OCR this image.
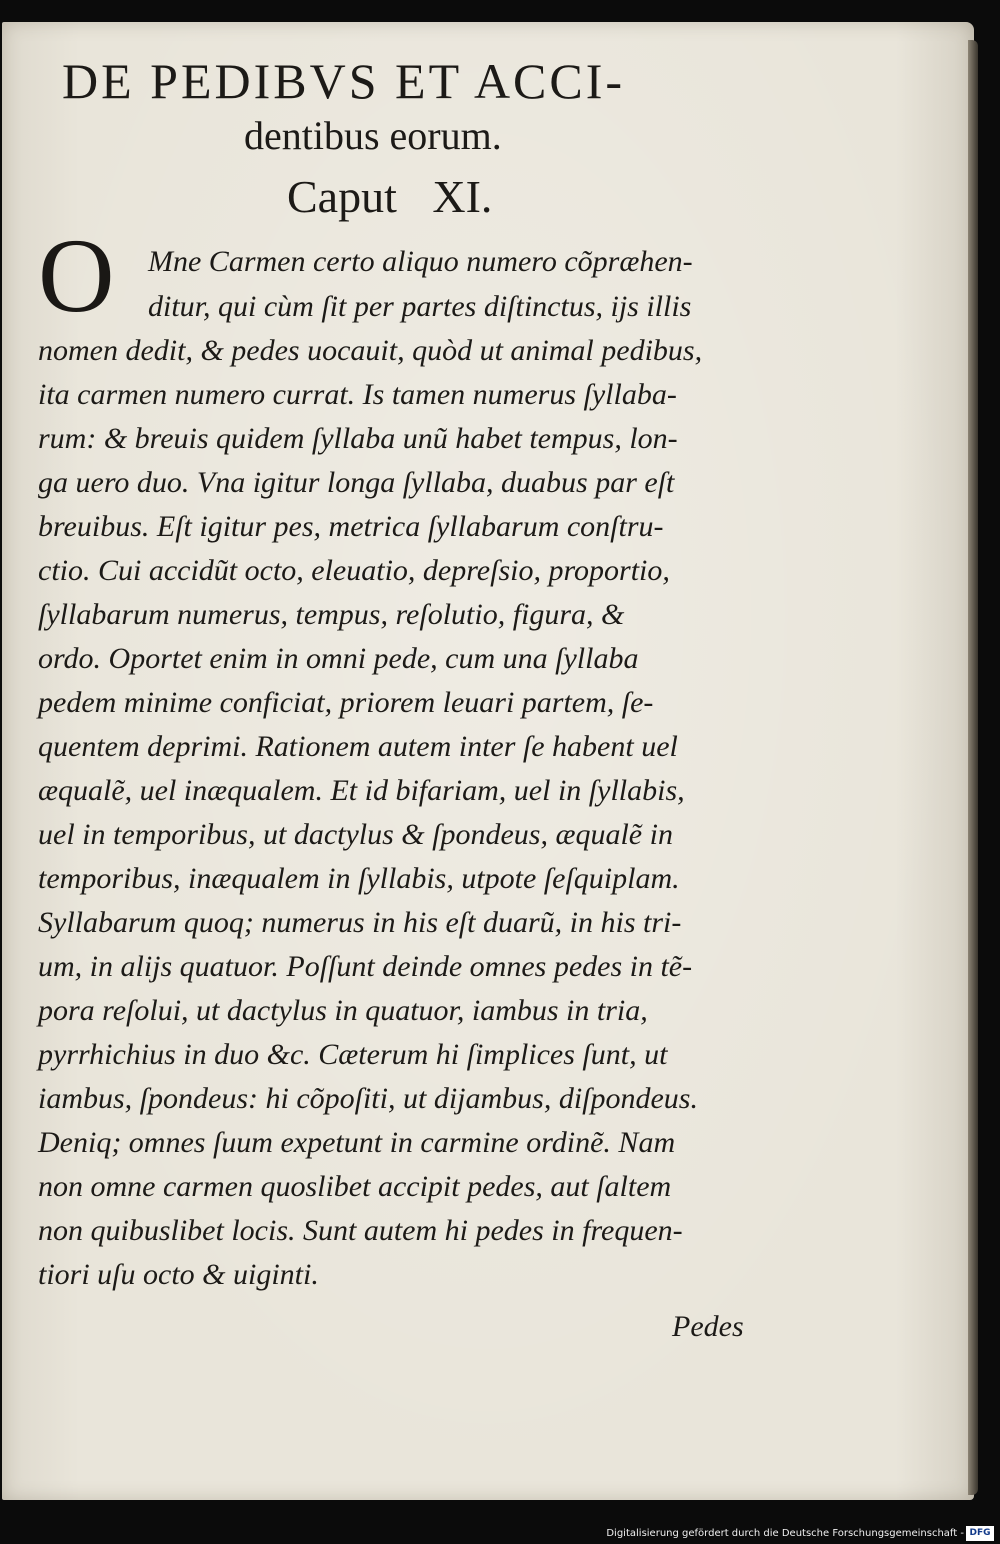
DE PEDIBVS ET ACCI-
dentibus eorum.
Caput XI.
O	Mne Carmen certo aliquo numero cõpræhen-
ditur, qui cùm ſit per partes diſtinctus, ijs illis
nomen dedit, & pedes uocauit, quòd ut animal pedibus,
ita carmen numero currat. Is tamen numerus ſyllaba-
rum: & breuis quidem ſyllaba unũ habet tempus, lon-
ga uero duo. Vna igitur longa ſyllaba, duabus par eſt
breuibus. Eſt igitur pes, metrica ſyllabarum conſtru-
ctio. Cui accidũt octo, eleuatio, depreſsio, proportio,
ſyllabarum numerus, tempus, reſolutio, figura, &
ordo. Oportet enim in omni pede, cum una ſyllaba
pedem minime conficiat, priorem leuari partem, ſe-
quentem deprimi. Rationem autem inter ſe habent uel
æqualẽ, uel inæqualem. Et id bifariam, uel in ſyllabis,
uel in temporibus, ut dactylus & ſpondeus, æqualẽ in
temporibus, inæqualem in ſyllabis, utpote ſeſquiplam.
Syllabarum quoq; numerus in his eſt duarũ, in his tri-
um, in alijs quatuor. Poſſunt deinde omnes pedes in tẽ-
pora reſolui, ut dactylus in quatuor, iambus in tria,
pyrrhichius in duo &c. Cæterum hi ſimplices ſunt, ut
iambus, ſpondeus: hi cõpoſiti, ut dijambus, diſpondeus.
Deniq; omnes ſuum expetunt in carmine ordinẽ. Nam
non omne carmen quoslibet accipit pedes, aut ſaltem
non quibuslibet locis. Sunt autem hi pedes in frequen-
tiori uſu octo & uiginti.
Pedes
Digitalisierung gefördert durch die Deutsche Forschungsgemeinschaft - DFG
